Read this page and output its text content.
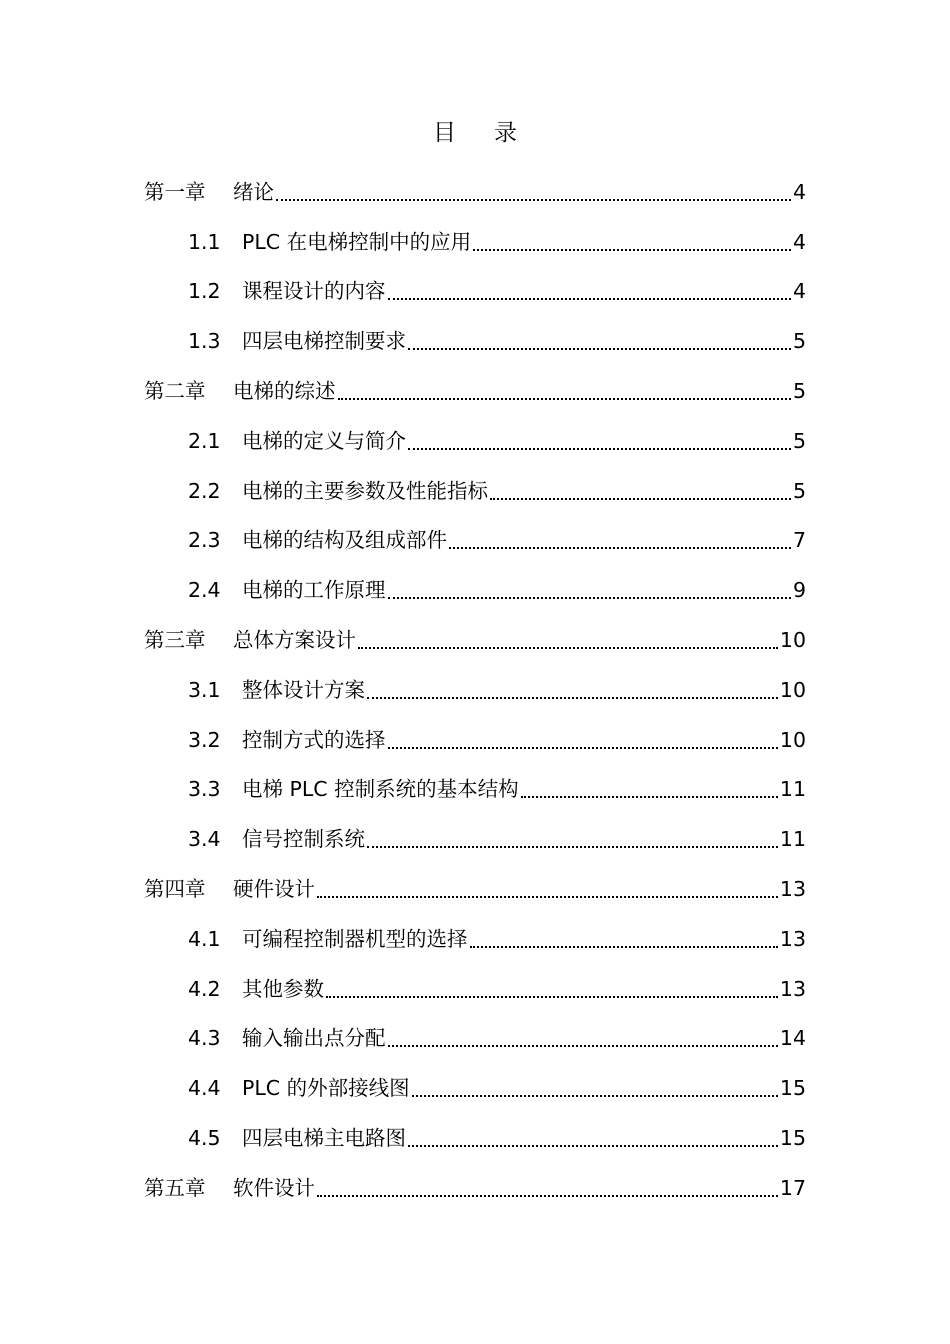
目录
第一章	绪论	4
1.1	PLC 在电梯控制中的应用	4
1.2	课程设计的内容	4
1.3	四层电梯控制要求	5
第二章	电梯的综述	5
2.1	电梯的定义与简介	5
2.2	电梯的主要参数及性能指标	5
2.3	电梯的结构及组成部件	7
2.4	电梯的工作原理	9
第三章	总体方案设计	10
3.1	整体设计方案	10
3.2	控制方式的选择	10
3.3	电梯 PLC 控制系统的基本结构	11
3.4	信号控制系统	11
第四章	硬件设计	13
4.1	可编程控制器机型的选择	13
4.2	其他参数	13
4.3	输入输出点分配	14
4.4	PLC 的外部接线图	15
4.5	四层电梯主电路图	15
第五章	软件设计	17
